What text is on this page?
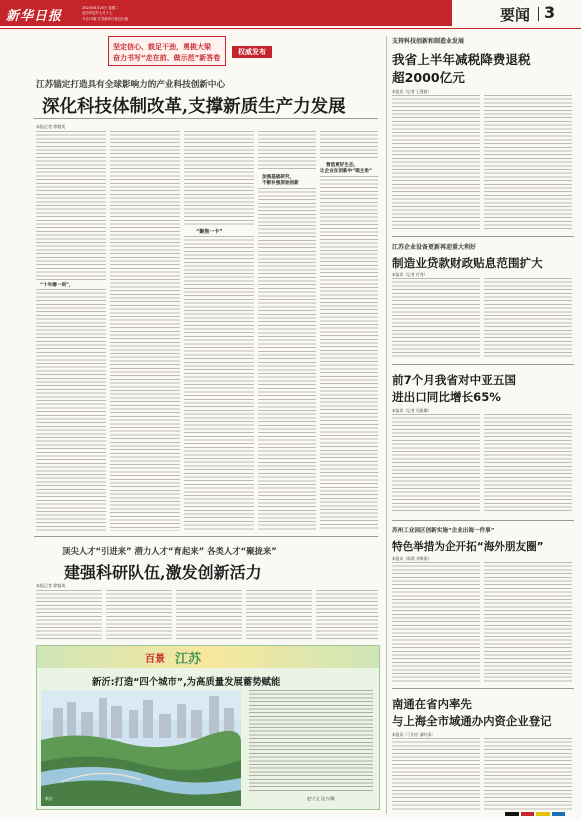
新华日报
2024年8月20日 星期二
农历甲辰年七月十七
今日12版 江苏新华日报社出版	要闻 3
坚定信心、鼓足干劲，勇挑大梁
奋力书写“走在前、做示范”新答卷
权威发布
江苏锚定打造具有全球影响力的产业科技创新中心
深化科技体制改革,支撑新质生产力发展
本报记者 徐超英
“十年磨一剑”，
“聚焦一卡”
加强基础研究，
不断补强原始创新
营造更好生态，
让企业在创新中“唱主角”
顶尖人才“引进来” 潜力人才“育起来” 各类人才“聚拢来”
建强科研队伍,激发创新活力
本报记者 徐超英
百景 江苏
新沂:打造“四个城市”,为高质量发展蓄势赋能
新沂	赵宁文 沈方/摄
支持科技创新和制造业发展
我省上半年减税降费退税
超2000亿元
本报讯（记者 王建超）
江苏企业设备更新再迎重大利好
制造业贷款财政贴息范围扩大
本报讯（记者 付秀）
前7个月我省对中亚五国
进出口同比增长65%
本报讯（记者 吴雅顺）
苏州工业园区创新实施“企业出海一件事”
特色举措为企开拓“海外朋友圈”
本报讯（陈霞 刘海燕）
南通在省内率先
与上海全市域通办内资企业登记
本报讯（丁伯宗 潘叶清）
